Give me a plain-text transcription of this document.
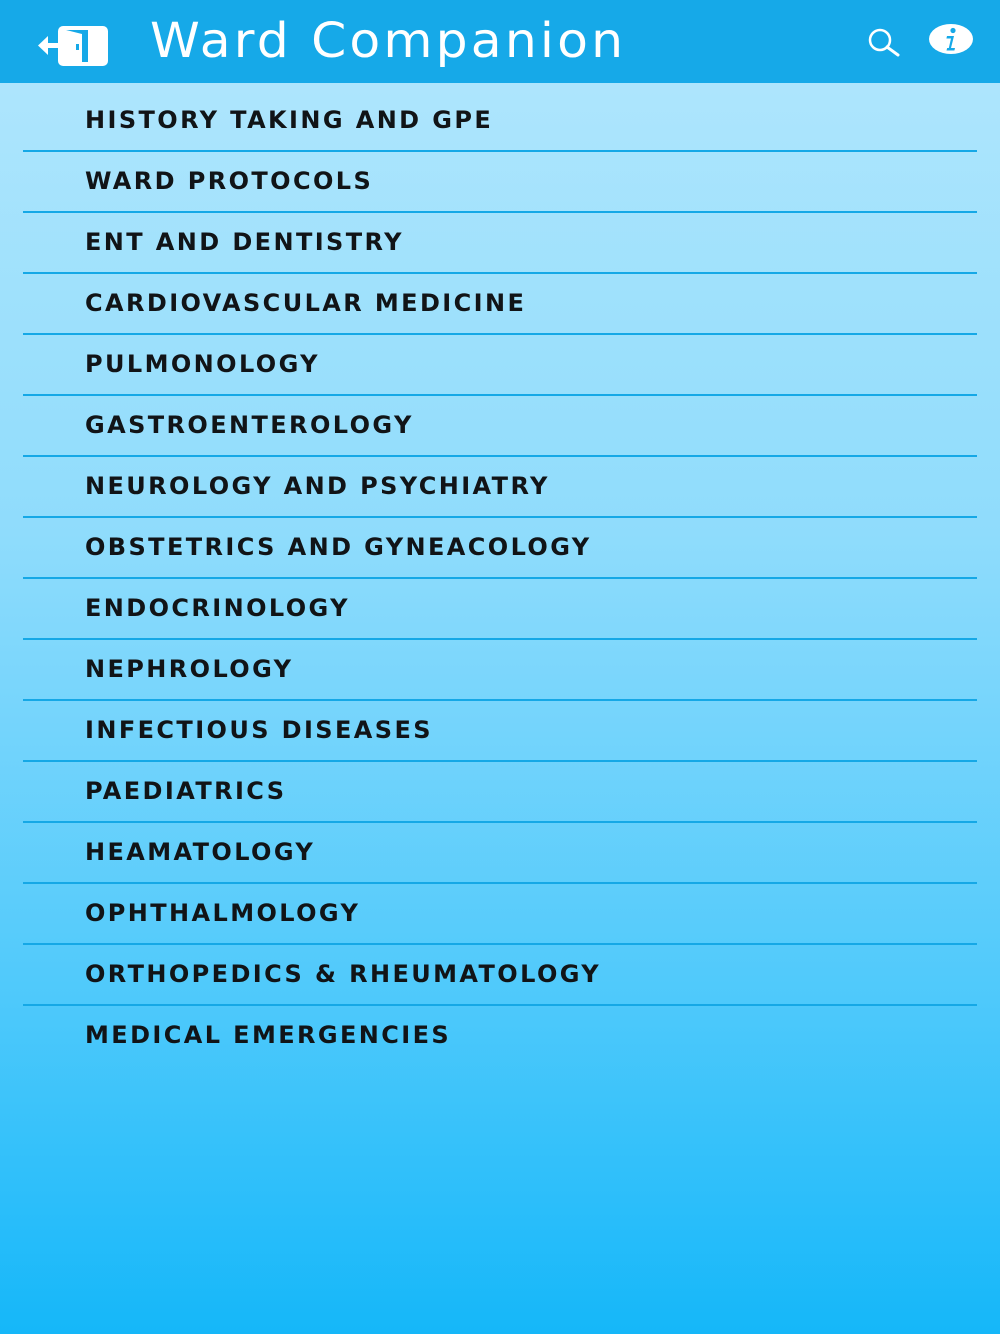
Ward Companion
HISTORY TAKING AND GPE
WARD PROTOCOLS
ENT AND DENTISTRY
CARDIOVASCULAR MEDICINE
PULMONOLOGY
GASTROENTEROLOGY
NEUROLOGY AND PSYCHIATRY
OBSTETRICS AND GYNEACOLOGY
ENDOCRINOLOGY
NEPHROLOGY
INFECTIOUS DISEASES
PAEDIATRICS
HEAMATOLOGY
OPHTHALMOLOGY
ORTHOPEDICS & RHEUMATOLOGY
MEDICAL EMERGENCIES
